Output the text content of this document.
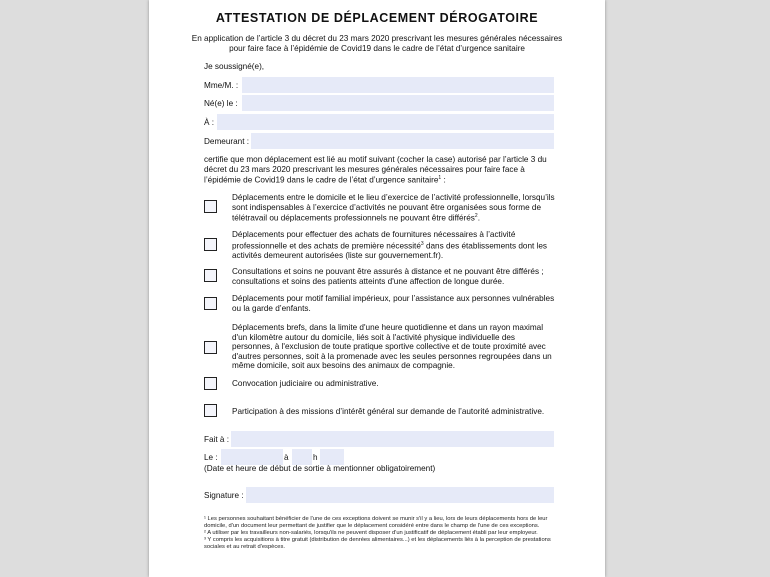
ATTESTATION DE DÉPLACEMENT DÉROGATOIRE
En application de l’article 3 du décret du 23 mars 2020 prescrivant les mesures générales nécessaires pour faire face à l’épidémie de Covid19 dans le cadre de l’état d’urgence sanitaire
Je soussigné(e),
Mme/M. :
Né(e) le :
À :
Demeurant :
certifie que mon déplacement est lié au motif suivant (cocher la case) autorisé par l’article 3 du décret du 23 mars 2020 prescrivant les mesures générales nécessaires pour faire face à l’épidémie de Covid19 dans le cadre de l’état d’urgence sanitaire$^1$ :
Déplacements entre le domicile et le lieu d’exercice de l’activité professionnelle, lorsqu’ils sont indispensables à l’exercice d’activités ne pouvant être organisées sous forme de télétravail ou déplacements professionnels ne pouvant être différés$^2$.
Déplacements pour effectuer des achats de fournitures nécessaires à l’activité professionnelle et des achats de première nécessité$^3$ dans des établissements dont les activités demeurent autorisées (liste sur gouvernement.fr).
Consultations et soins ne pouvant être assurés à distance et ne pouvant être différés ; consultations et soins des patients atteints d'une affection de longue durée.
Déplacements pour motif familial impérieux, pour l’assistance aux personnes vulnérables ou la garde d’enfants.
Déplacements brefs, dans la limite d'une heure quotidienne et dans un rayon maximal d'un kilomètre autour du domicile, liés soit à l'activité physique individuelle des personnes, à l'exclusion de toute pratique sportive collective et de toute proximité avec d'autres personnes, soit à la promenade avec les seules personnes regroupées dans un même domicile, soit aux besoins des animaux de compagnie.
Convocation judiciaire ou administrative.
Participation à des missions d’intérêt général sur demande de l’autorité administrative.
Fait à :
Le :	à	h
(Date et heure de début de sortie à mentionner obligatoirement)
Signature :

¹ Les personnes souhaitant bénéficier de l'une de ces exceptions doivent se munir s'il y a lieu, lors de leurs déplacements hors de leur domicile, d'un document leur permettant de justifier que le déplacement considéré entre dans le champ de l'une de ces exceptions.

² A utiliser par les travailleurs non-salariés, lorsqu'ils ne peuvent disposer d'un justificatif de déplacement établi par leur employeur.

³ Y compris les acquisitions à titre gratuit (distribution de denrées alimentaires...) et les déplacements liés à la perception de prestations sociales et au retrait d'espèces.
